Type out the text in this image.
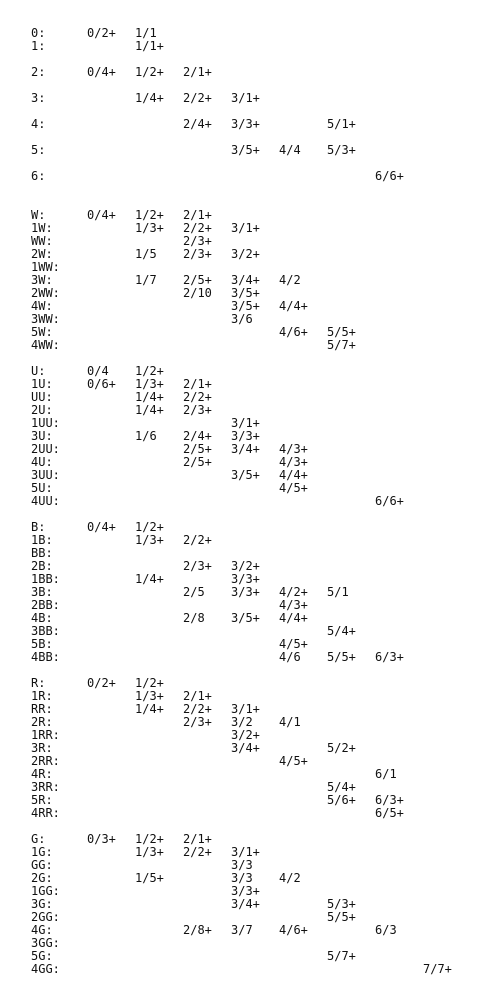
0:	0/2+ 1/1
1:	1/1+
2:	0/4+ 1/2+ 2/1+
3:	1/4+ 2/2+ 3/1+
4:	2/4+ 3/3+	5/1+
5:	3/5+ 4/4 5/3+
6:	6/6+
W:	0/4+ 1/2+ 2/1+
1W:	1/3+ 2/2+ 3/1+
WW:	2/3+
2W:	1/5 2/3+ 3/2+
1WW:
3W:	1/7 2/5+ 3/4+ 4/2
2WW:	2/10 3/5+
4W:	3/5+ 4/4+
3WW:	3/6
5W:	4/6+ 5/5+
4WW:	5/7+
U:	0/4 1/2+
1U:	0/6+ 1/3+ 2/1+
UU:	1/4+ 2/2+
2U:	1/4+ 2/3+
1UU:	3/1+
3U:	1/6 2/4+ 3/3+
2UU:	2/5+ 3/4+ 4/3+
4U:	2/5+	4/3+
3UU:	3/5+ 4/4+
5U:	4/5+
4UU:	6/6+
B:	0/4+ 1/2+
1B:	1/3+ 2/2+
BB:
2B:	2/3+ 3/2+
1BB:	1/4+	3/3+
3B:	2/5 3/3+ 4/2+ 5/1
2BB:	4/3+
4B:	2/8 3/5+ 4/4+
3BB:	5/4+
5B:	4/5+
4BB:	4/6 5/5+ 6/3+
R:	0/2+ 1/2+
1R:	1/3+ 2/1+
RR:	1/4+ 2/2+ 3/1+
2R:	2/3+ 3/2 4/1
1RR:	3/2+
3R:	3/4+	5/2+
2RR:	4/5+
4R:	6/1
3RR:	5/4+
5R:	5/6+ 6/3+
4RR:	6/5+
G:	0/3+ 1/2+ 2/1+
1G:	1/3+ 2/2+ 3/1+
GG:	3/3
2G:	1/5+	3/3 4/2
1GG:	3/3+
3G:	3/4+	5/3+
2GG:	5/5+
4G:	2/8+ 3/7 4/6+	6/3
3GG:
5G:	5/7+
4GG:	7/7+
